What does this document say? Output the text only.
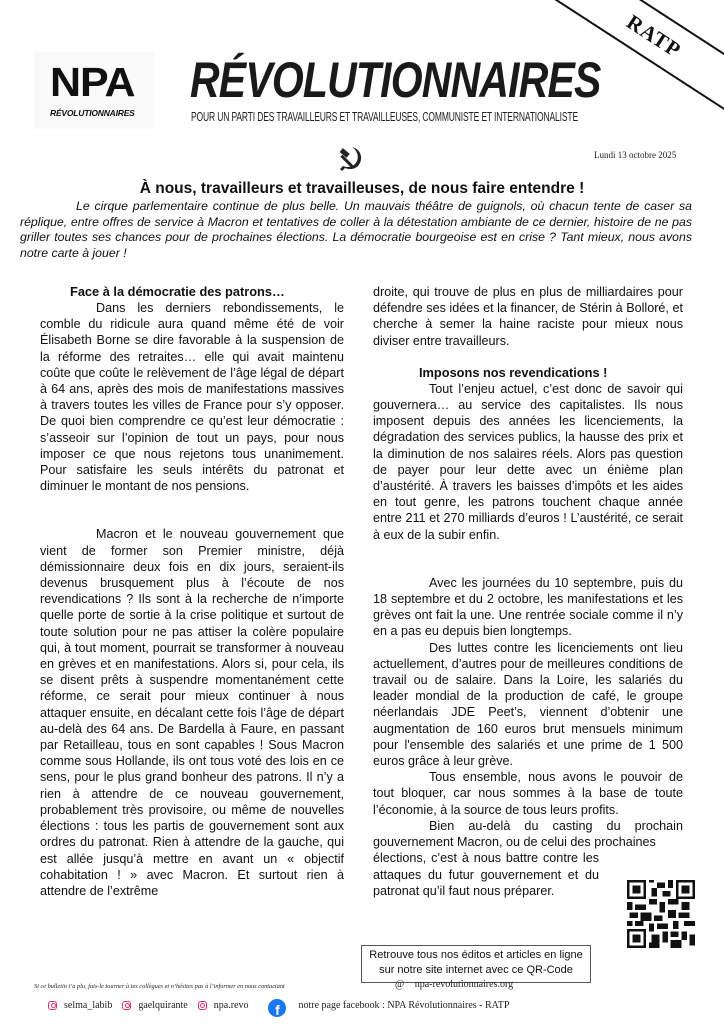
NPA
RÉVOLUTIONNAIRES
RÉVOLUTIONNAIRES
POUR UN PARTI DES TRAVAILLEURS ET TRAVAILLEUSES, COMMUNISTE ET INTERNATIONALISTE
RATP
Lundi 13 octobre 2025
À nous, travailleurs et travailleuses, de nous faire entendre !
Le cirque parlementaire continue de plus belle. Un mauvais théâtre de guignols, où chacun tente de caser sa réplique, entre offres de service à Macron et tentatives de coller à la détestation ambiante de ce dernier, histoire de ne pas griller toutes ses chances pour de prochaines élections. La démocratie bourgeoise est en crise ? Tant mieux, nous avons notre carte à jouer !
Face à la démocratie des patrons…

Dans les derniers rebondissements, le comble du ridicule aura quand même été de voir Élisabeth Borne se dire favorable à la suspension de la réforme des retraites… elle qui avait maintenu coûte que coûte le relèvement de l’âge légal de départ à 64 ans, après des mois de manifestations massives à travers toutes les villes de France pour s’y opposer. De quoi bien comprendre ce qu’est leur démocratie : s’asseoir sur l’opinion de tout un pays, pour nous imposer ce que nous rejetons tous unanimement. Pour satisfaire les seuls intérêts du patronat et diminuer le montant de nos pensions.

Macron et le nouveau gouvernement que vient de former son Premier ministre, déjà démissionnaire deux fois en dix jours, seraient-ils devenus brusquement plus à l’écoute de nos revendications ? Ils sont à la recherche de n’importe quelle porte de sortie à la crise politique et surtout de toute solution pour ne pas attiser la colère populaire qui, à tout moment, pourrait se transformer à nouveau en grèves et en manifestations. Alors si, pour cela, ils se disent prêts à suspendre momentanément cette réforme, ce serait pour mieux continuer à nous attaquer ensuite, en décalant cette fois l’âge de départ au-delà des 64 ans. De Bardella à Faure, en passant par Retailleau, tous en sont capables ! Sous Macron comme sous Hollande, ils ont tous voté des lois en ce sens, pour le plus grand bonheur des patrons. Il n’y a rien à attendre de ce nouveau gouvernement, probablement très provisoire, ou même de nouvelles élections : tous les partis de gouvernement sont aux ordres du patronat. Rien à attendre de la gauche, qui est allée jusqu’à mettre en avant un « objectif cohabitation ! » avec Macron. Et surtout rien à attendre de l’extrême

droite, qui trouve de plus en plus de milliardaires pour défendre ses idées et la financer, de Stérin à Bolloré, et cherche à semer la haine raciste pour mieux nous diviser entre travailleurs.

Imposons nos revendications !

Tout l’enjeu actuel, c’est donc de savoir qui gouvernera… au service des capitalistes. Ils nous imposent depuis des années les licenciements, la dégradation des services publics, la hausse des prix et la diminution de nos salaires réels. Alors pas question de payer pour leur dette avec un énième plan d’austérité. À travers les baisses d’impôts et les aides en tout genre, les patrons touchent chaque année entre 211 et 270 milliards d’euros ! L’austérité, ce serait à eux de la subir enfin.

Avec les journées du 10 septembre, puis du 18 septembre et du 2 octobre, les manifestations et les grèves ont fait la une. Une rentrée sociale comme il n’y en a pas eu depuis bien longtemps.

Des luttes contre les licenciements ont lieu actuellement, d’autres pour de meilleures conditions de travail ou de salaire. Dans la Loire, les salariés du leader mondial de la production de café, le groupe néerlandais JDE Peet’s, viennent d’obtenir une augmentation de 160 euros brut mensuels minimum pour l'ensemble des salariés et une prime de 1 500 euros grâce à leur grève.

Tous ensemble, nous avons le pouvoir de tout bloquer, car nous sommes à la base de toute l’économie, à la source de tous leurs profits.

Bien au-delà du casting du prochain gouvernement Macron, ou de celui des prochaines

élections, c’est à nous battre contre les attaques du futur gouvernement et du patronat qu’il faut nous préparer.

Retrouve tous nos éditos et articles en ligne
sur notre site internet avec ce QR-Code
Si ce bulletin t’a plu, fais-le tourner à tes collègues et n’hésites pas à l’informer en nous contactant	@ npa-revolutionnaires.org
selma_labib	gaelquirante	npa.revo	f	notre page facebook : NPA Révolutionnaires - RATP
